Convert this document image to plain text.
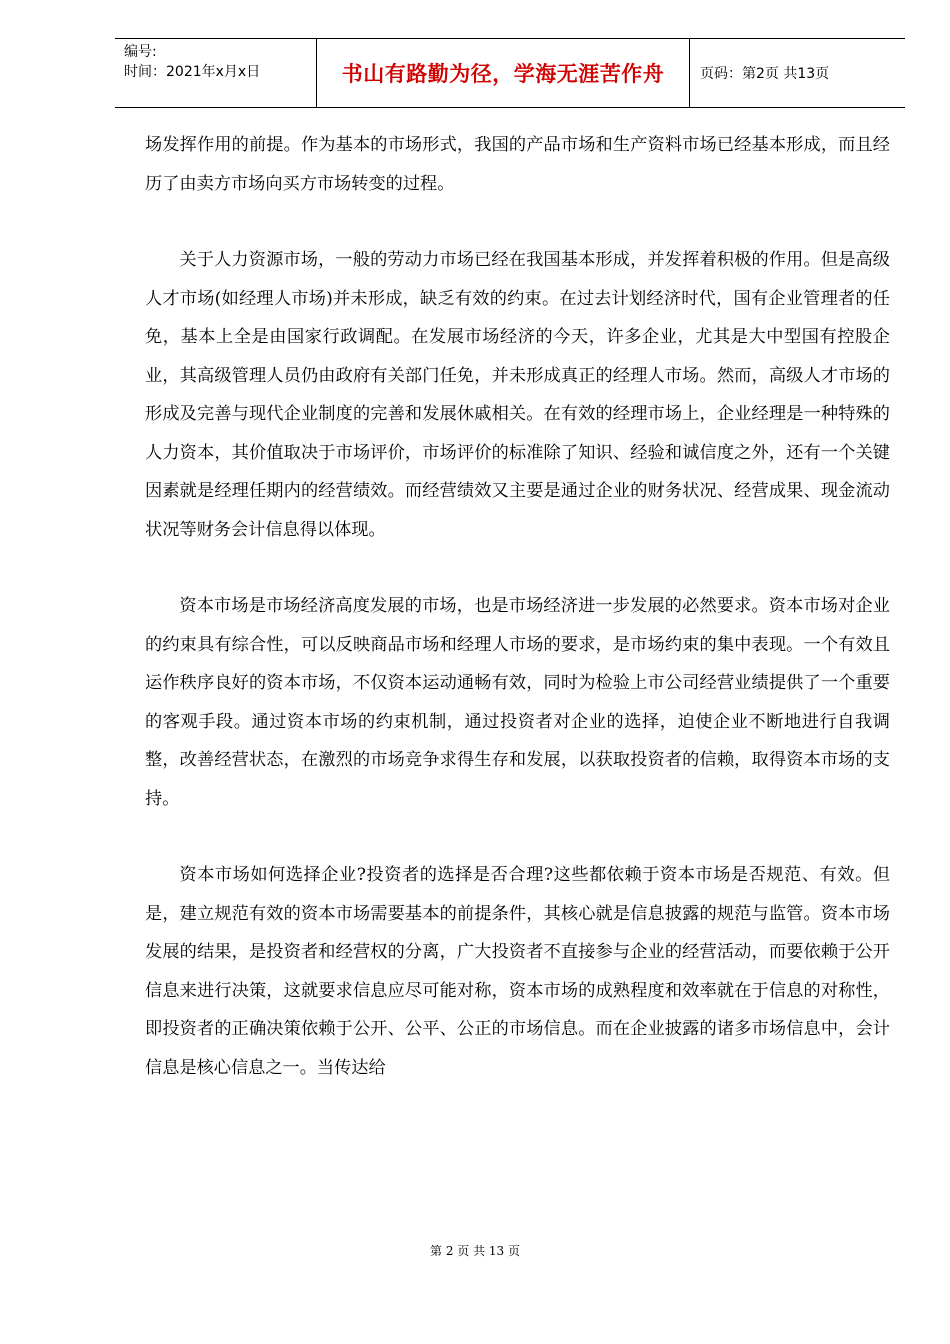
编号:
时间：2021年x月x日	书山有路勤为径，学海无涯苦作舟	页码：第2页 共13页

场发挥作用的前提。作为基本的市场形式，我国的产品市场和生产资料市场已经基本形成，而且经历了由卖方市场向买方市场转变的过程。

关于人力资源市场，一般的劳动力市场已经在我国基本形成，并发挥着积极的作用。但是高级人才市场(如经理人市场)并未形成，缺乏有效的约束。在过去计划经济时代，国有企业管理者的任免，基本上全是由国家行政调配。在发展市场经济的今天，许多企业，尤其是大中型国有控股企业，其高级管理人员仍由政府有关部门任免，并未形成真正的经理人市场。然而，高级人才市场的形成及完善与现代企业制度的完善和发展休戚相关。在有效的经理市场上，企业经理是一种特殊的人力资本，其价值取决于市场评价，市场评价的标准除了知识、经验和诚信度之外，还有一个关键因素就是经理任期内的经营绩效。而经营绩效又主要是通过企业的财务状况、经营成果、现金流动状况等财务会计信息得以体现。

资本市场是市场经济高度发展的市场，也是市场经济进一步发展的必然要求。资本市场对企业的约束具有综合性，可以反映商品市场和经理人市场的要求，是市场约束的集中表现。一个有效且运作秩序良好的资本市场，不仅资本运动通畅有效，同时为检验上市公司经营业绩提供了一个重要的客观手段。通过资本市场的约束机制，通过投资者对企业的选择，迫使企业不断地进行自我调整，改善经营状态，在激烈的市场竞争求得生存和发展，以获取投资者的信赖，取得资本市场的支持。

资本市场如何选择企业?投资者的选择是否合理?这些都依赖于资本市场是否规范、有效。但是，建立规范有效的资本市场需要基本的前提条件，其核心就是信息披露的规范与监管。资本市场发展的结果，是投资者和经营权的分离，广大投资者不直接参与企业的经营活动，而要依赖于公开信息来进行决策，这就要求信息应尽可能对称，资本市场的成熟程度和效率就在于信息的对称性，即投资者的正确决策依赖于公开、公平、公正的市场信息。而在企业披露的诸多市场信息中，会计信息是核心信息之一。当传达给

第 2 页 共 13 页
